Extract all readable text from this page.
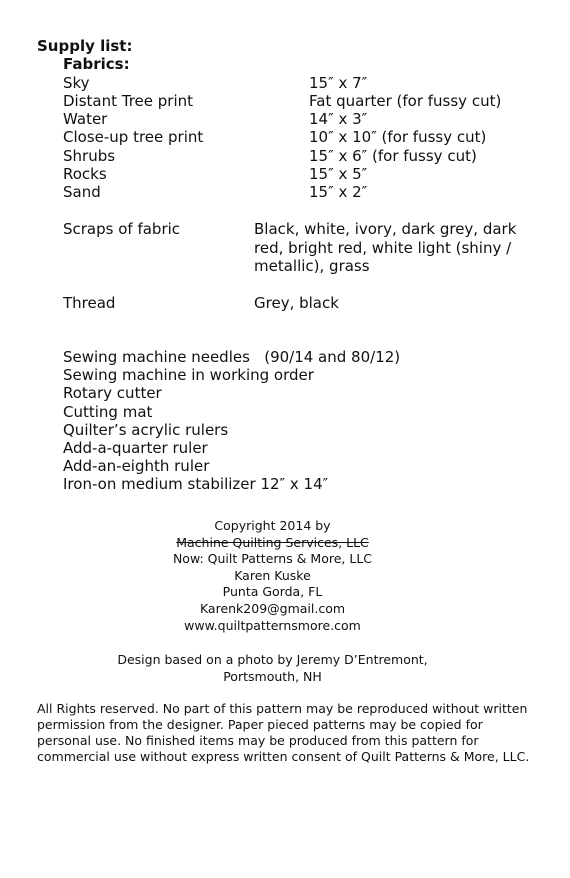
Supply list:
Fabrics:
Sky	15″ x 7″
Distant Tree print	Fat quarter (for fussy cut)
Water	14″ x 3″
Close-up tree print	10″ x 10″ (for fussy cut)
Shrubs	15″ x 6″ (for fussy cut)
Rocks	15″ x 5″
Sand	15″ x 2″
Scraps of fabric	Black, white, ivory, dark grey, dark red, bright red, white light (shiny / metallic), grass
Thread	Grey, black
Sewing machine needles   (90/14 and 80/12)
Sewing machine in working order
Rotary cutter
Cutting mat
Quilter’s acrylic rulers
Add-a-quarter ruler
Add-an-eighth ruler
Iron-on medium stabilizer 12″ x 14″
Copyright 2014 by
Machine Quilting Services, LLC
Now: Quilt Patterns & More, LLC
Karen Kuske
Punta Gorda, FL
Karenk209@gmail.com
www.quiltpatternsmore.com
Design based on a photo by Jeremy D’Entremont,
Portsmouth, NH
All Rights reserved. No part of this pattern may be reproduced without written permission from the designer. Paper pieced patterns may be copied for personal use. No finished items may be produced from this pattern for commercial use without express written consent of Quilt Patterns & More, LLC.
